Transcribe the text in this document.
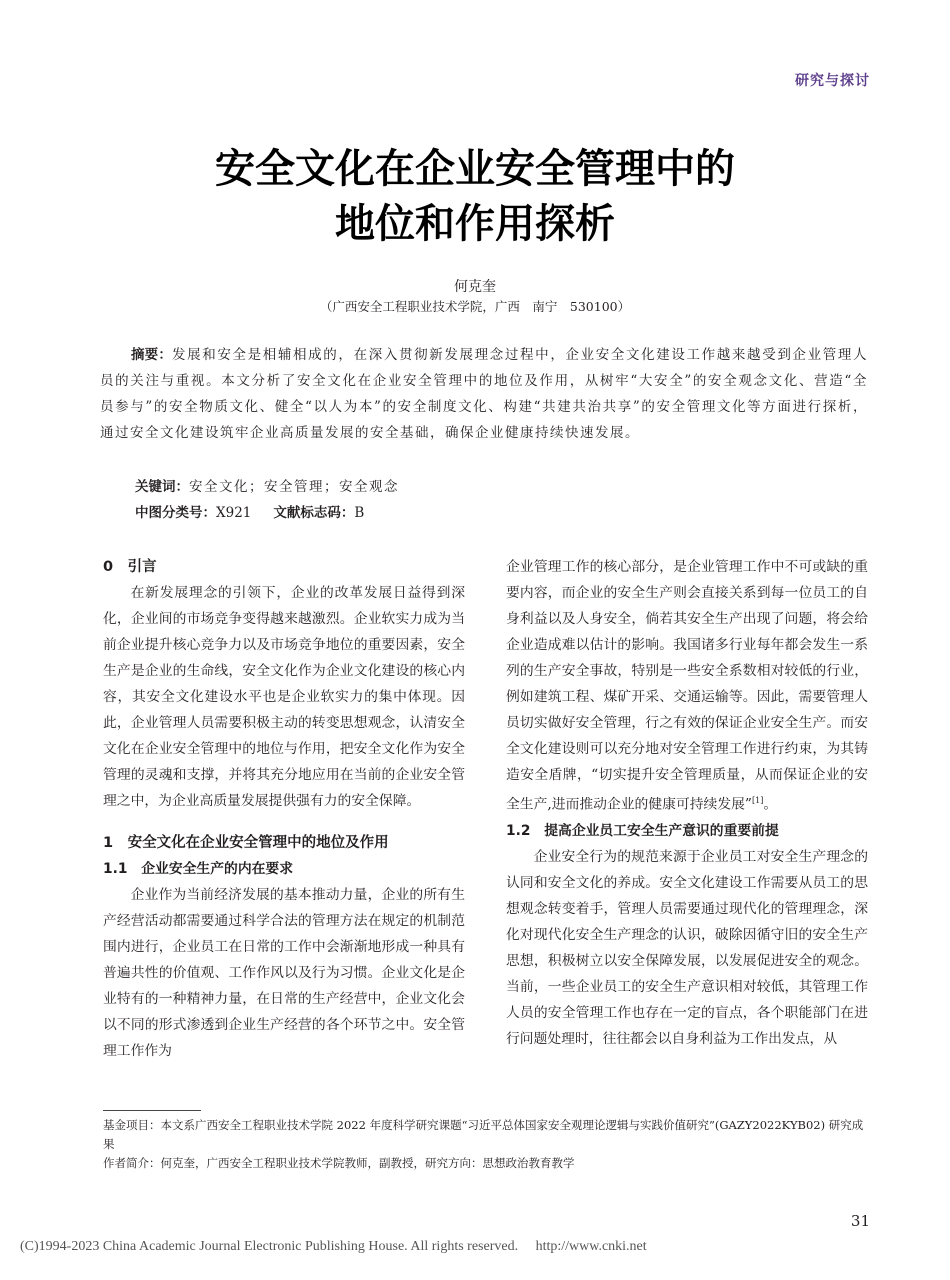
研究与探讨
安全文化在企业安全管理中的
地位和作用探析
何克奎
（广西安全工程职业技术学院，广西　南宁　530100）
摘要：发展和安全是相辅相成的，在深入贯彻新发展理念过程中，企业安全文化建设工作越来越受到企业管理人员的关注与重视。本文分析了安全文化在企业安全管理中的地位及作用，从树牢“大安全”的安全观念文化、营造“全员参与”的安全物质文化、健全“以人为本”的安全制度文化、构建“共建共治共享”的安全管理文化等方面进行探析，通过安全文化建设筑牢企业高质量发展的安全基础，确保企业健康持续快速发展。
关键词：安全文化；安全管理；安全观念
中图分类号：X921 文献标志码：B
0　引言

在新发展理念的引领下，企业的改革发展日益得到深化，企业间的市场竞争变得越来越激烈。企业软实力成为当前企业提升核心竞争力以及市场竞争地位的重要因素，安全生产是企业的生命线，安全文化作为企业文化建设的核心内容，其安全文化建设水平也是企业软实力的集中体现。因此，企业管理人员需要积极主动的转变思想观念，认清安全文化在企业安全管理中的地位与作用，把安全文化作为安全管理的灵魂和支撑，并将其充分地应用在当前的企业安全管理之中，为企业高质量发展提供强有力的安全保障。

1　安全文化在企业安全管理中的地位及作用
1.1　企业安全生产的内在要求

企业作为当前经济发展的基本推动力量，企业的所有生产经营活动都需要通过科学合法的管理方法在规定的机制范围内进行，企业员工在日常的工作中会渐渐地形成一种具有普遍共性的价值观、工作作风以及行为习惯。企业文化是企业特有的一种精神力量，在日常的生产经营中，企业文化会以不同的形式渗透到企业生产经营的各个环节之中。安全管理工作作为

企业管理工作的核心部分，是企业管理工作中不可或缺的重要内容，而企业的安全生产则会直接关系到每一位员工的自身利益以及人身安全，倘若其安全生产出现了问题，将会给企业造成难以估计的影响。我国诸多行业每年都会发生一系列的生产安全事故，特别是一些安全系数相对较低的行业，例如建筑工程、煤矿开采、交通运输等。因此，需要管理人员切实做好安全管理，行之有效的保证企业安全生产。而安全文化建设则可以充分地对安全管理工作进行约束，为其铸造安全盾牌，“切实提升安全管理质量，从而保证企业的安全生产,进而推动企业的健康可持续发展”[1]。

1.2　提高企业员工安全生产意识的重要前提

企业安全行为的规范来源于企业员工对安全生产理念的认同和安全文化的养成。安全文化建设工作需要从员工的思想观念转变着手，管理人员需要通过现代化的管理理念，深化对现代化安全生产理念的认识，破除因循守旧的安全生产思想，积极树立以安全保障发展，以发展促进安全的观念。当前，一些企业员工的安全生产意识相对较低，其管理工作人员的安全管理工作也存在一定的盲点，各个职能部门在进行问题处理时，往往都会以自身利益为工作出发点，从

基金项目：本文系广西安全工程职业技术学院 2022 年度科学研究课题“习近平总体国家安全观理论逻辑与实践价值研究”(GAZY2022KYB02) 研究成果
作者简介：何克奎，广西安全工程职业技术学院教师，副教授，研究方向：思想政治教育教学
31
(C)1994-2023 China Academic Journal Electronic Publishing House. All rights reserved.　 http://www.cnki.net
